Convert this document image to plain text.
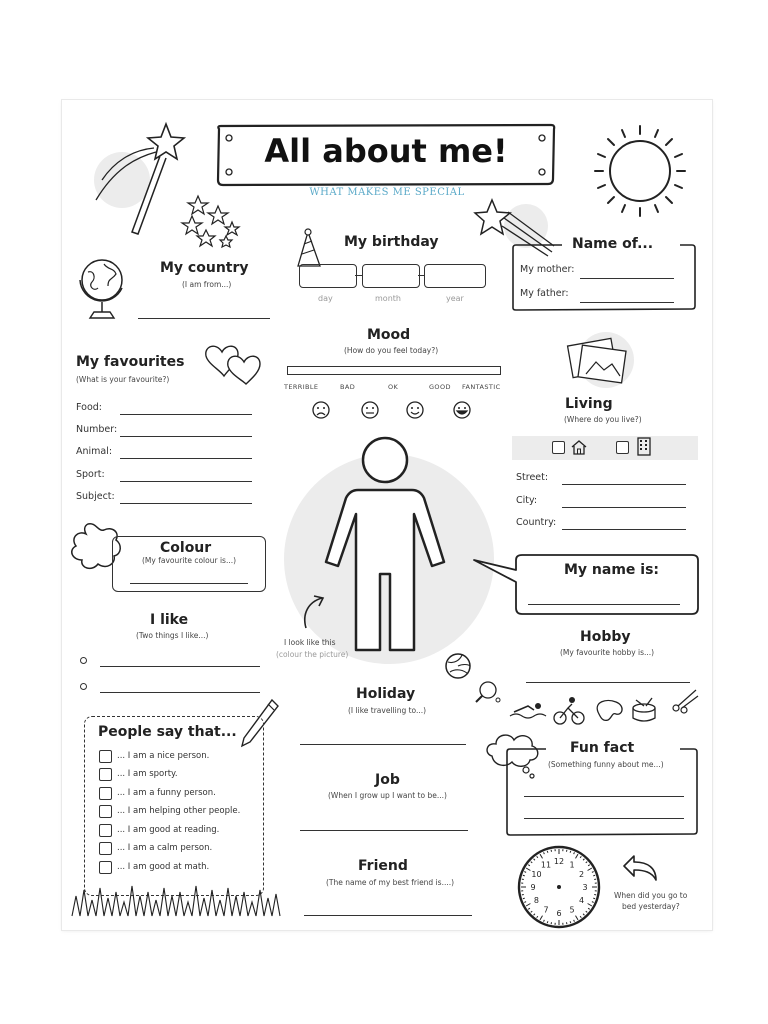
All about me!
WHAT MAKES ME SPECIAL
My birthday
day	month	year
Name of...
My mother:
My father:
My country
(I am from...)
Mood
(How do you feel today?)
TERRIBLE	BAD	OK	GOOD FANTASTIC
My favourites
(What is your favourite?)
Food:
Number:
Animal:
Sport:
Subject:
Living
(Where do you live?)
Street:
City:
Country:
I look like this
(colour the picture)
Colour
(My favourite colour is...)
My name is:
I like
(Two things I like...)	Hobby
(My favourite hobby is...)
Holiday
(I like travelling to...)
People say that...
... I am a nice person.
... I am sporty.
... I am a funny person.
... I am helping other people.
... I am good at reading.
... I am a calm person.
... I am good at math.
Fun fact
(Something funny about me...)
Job
(When I grow up I want to be...)
Friend
(The name of my best friend is....)
12 1
2
3
4
5
6
7
8
9
10
11
When did you go to
bed yesterday?
